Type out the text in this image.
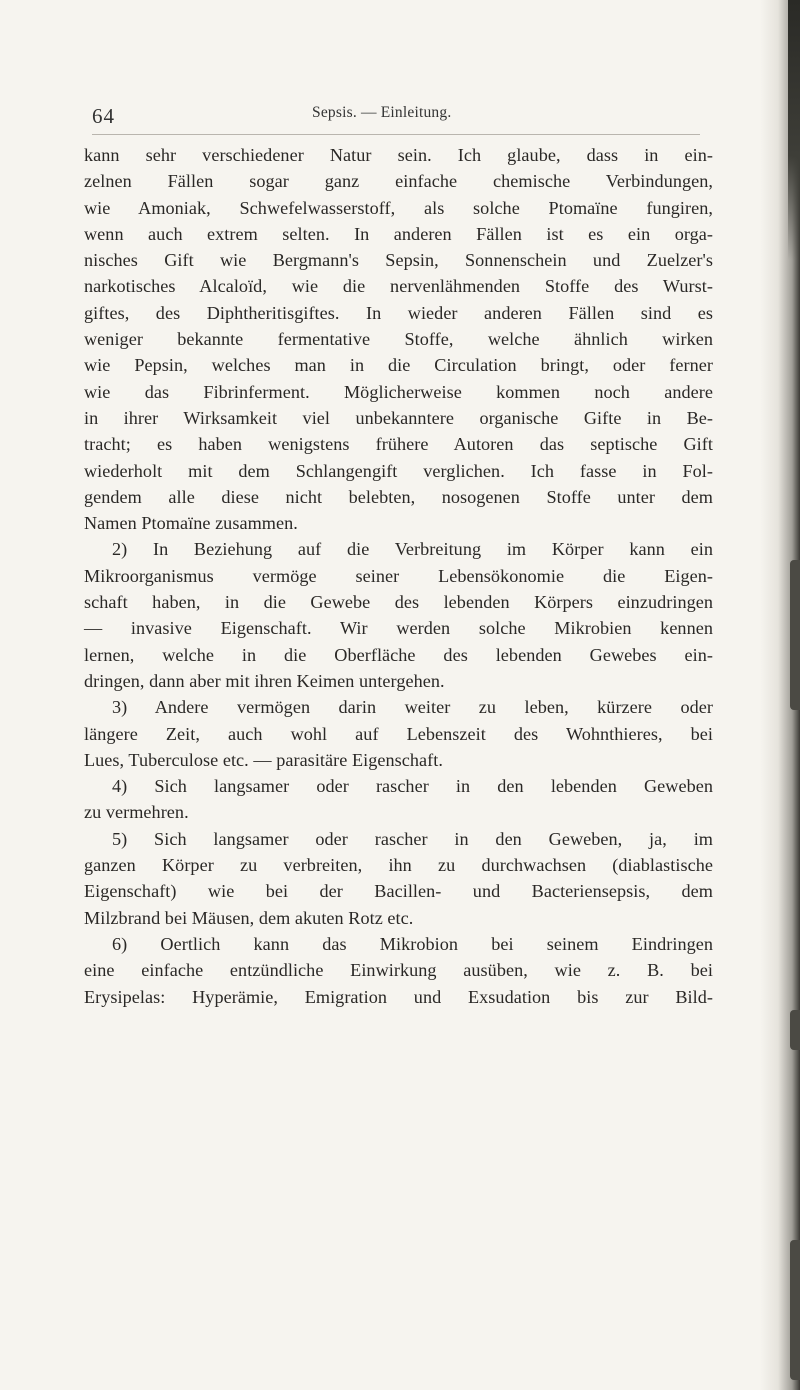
64	Sepsis. — Einleitung.
kann sehr verschiedener Natur sein. Ich glaube, dass in ein-
zelnen Fällen sogar ganz einfache chemische Verbindungen,
wie Amoniak, Schwefelwasserstoff, als solche Ptomaïne fungiren,
wenn auch extrem selten. In anderen Fällen ist es ein orga-
nisches Gift wie Bergmann's Sepsin, Sonnenschein und Zuelzer's
narkotisches Alcaloïd, wie die nervenlähmenden Stoffe des Wurst-
giftes, des Diphtheritisgiftes. In wieder anderen Fällen sind es
weniger bekannte fermentative Stoffe, welche ähnlich wirken
wie Pepsin, welches man in die Circulation bringt, oder ferner
wie das Fibrinferment. Möglicherweise kommen noch andere
in ihrer Wirksamkeit viel unbekanntere organische Gifte in Be-
tracht; es haben wenigstens frühere Autoren das septische Gift
wiederholt mit dem Schlangengift verglichen. Ich fasse in Fol-
gendem alle diese nicht belebten, nosogenen Stoffe unter dem
Namen Ptomaïne zusammen.
2) In Beziehung auf die Verbreitung im Körper kann ein
Mikroorganismus vermöge seiner Lebensökonomie die Eigen-
schaft haben, in die Gewebe des lebenden Körpers einzudringen
— invasive Eigenschaft. Wir werden solche Mikrobien kennen
lernen, welche in die Oberfläche des lebenden Gewebes ein-
dringen, dann aber mit ihren Keimen untergehen.
3) Andere vermögen darin weiter zu leben, kürzere oder
längere Zeit, auch wohl auf Lebenszeit des Wohnthieres, bei
Lues, Tuberculose etc. — parasitäre Eigenschaft.
4) Sich langsamer oder rascher in den lebenden Geweben
zu vermehren.
5) Sich langsamer oder rascher in den Geweben, ja, im
ganzen Körper zu verbreiten, ihn zu durchwachsen (diablastische
Eigenschaft) wie bei der Bacillen- und Bacteriensepsis, dem
Milzbrand bei Mäusen, dem akuten Rotz etc.
6) Oertlich kann das Mikrobion bei seinem Eindringen
eine einfache entzündliche Einwirkung ausüben, wie z. B. bei
Erysipelas: Hyperämie, Emigration und Exsudation bis zur Bild-
